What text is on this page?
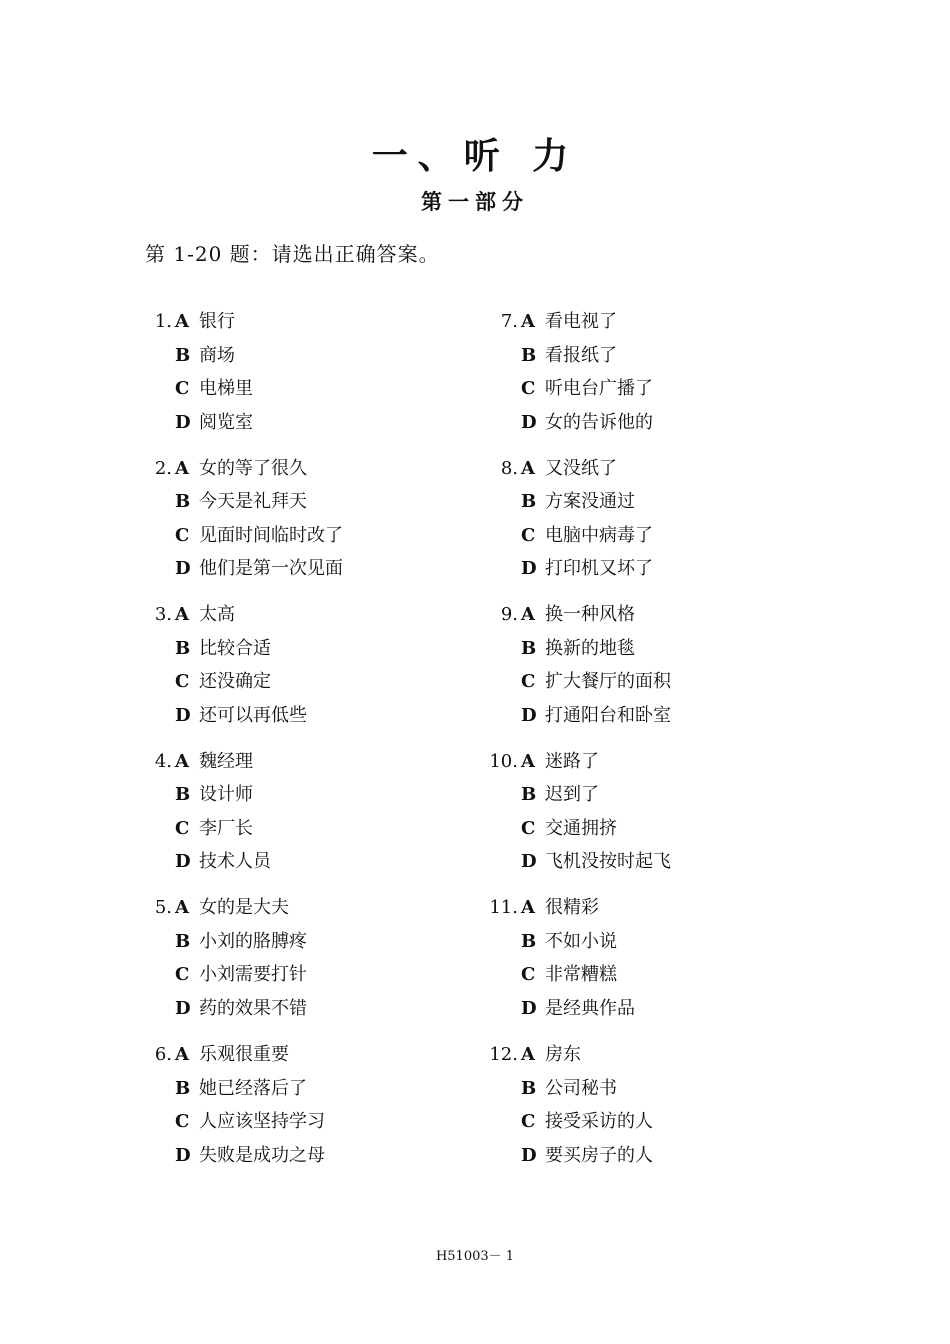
一、听 力
第一部分
第 1-20 题：请选出正确答案。
1. A 银行
B 商场
C 电梯里
D 阅览室
2. A 女的等了很久
B 今天是礼拜天
C 见面时间临时改了
D 他们是第一次见面
3. A 太高
B 比较合适
C 还没确定
D 还可以再低些
4. A 魏经理
B 设计师
C 李厂长
D 技术人员
5. A 女的是大夫
B 小刘的胳膊疼
C 小刘需要打针
D 药的效果不错
6. A 乐观很重要
B 她已经落后了
C 人应该坚持学习
D 失败是成功之母
7. A 看电视了
B 看报纸了
C 听电台广播了
D 女的告诉他的
8. A 又没纸了
B 方案没通过
C 电脑中病毒了
D 打印机又坏了
9. A 换一种风格
B 换新的地毯
C 扩大餐厅的面积
D 打通阳台和卧室
10. A 迷路了
B 迟到了
C 交通拥挤
D 飞机没按时起飞
11. A 很精彩
B 不如小说
C 非常糟糕
D 是经典作品
12. A 房东
B 公司秘书
C 接受采访的人
D 要买房子的人
H51003－ 1
